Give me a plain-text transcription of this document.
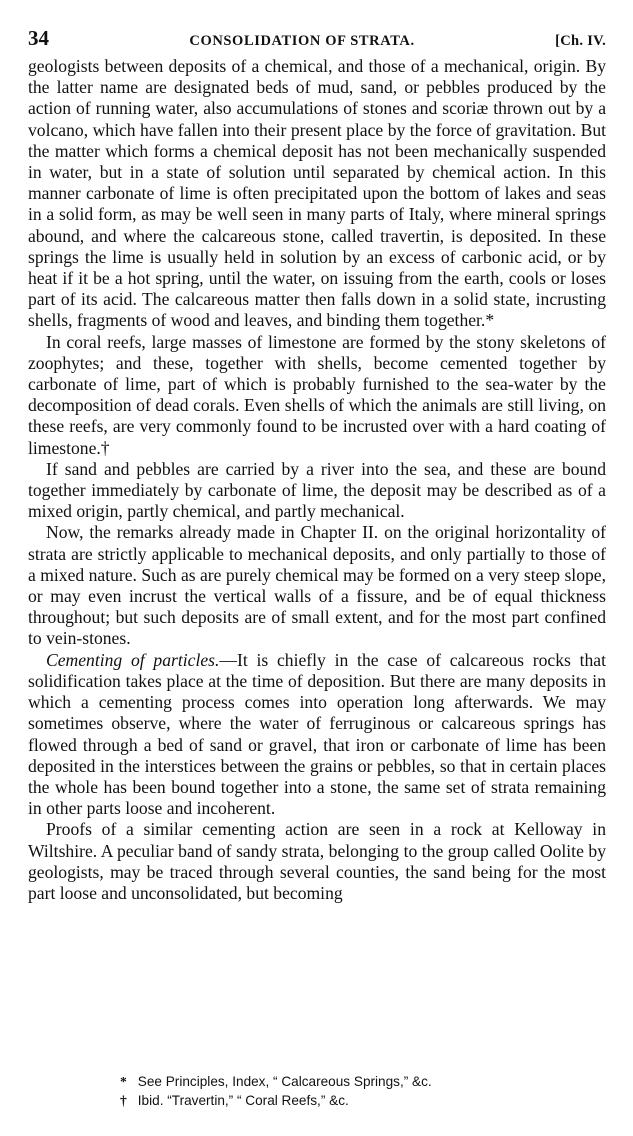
34	CONSOLIDATION OF STRATA.	[Ch. IV.

geologists between deposits of a chemical, and those of a mechanical, origin. By the latter name are designated beds of mud, sand, or pebbles produced by the action of running water, also accumulations of stones and scoriæ thrown out by a volcano, which have fallen into their present place by the force of gravitation. But the matter which forms a chemical deposit has not been mechanically suspended in water, but in a state of solution until separated by chemical action. In this manner carbonate of lime is often precipitated upon the bottom of lakes and seas in a solid form, as may be well seen in many parts of Italy, where mineral springs abound, and where the calcareous stone, called travertin, is deposited. In these springs the lime is usually held in solution by an excess of carbonic acid, or by heat if it be a hot spring, until the water, on issuing from the earth, cools or loses part of its acid. The calcareous matter then falls down in a solid state, incrusting shells, fragments of wood and leaves, and binding them together.*

In coral reefs, large masses of limestone are formed by the stony skeletons of zoophytes; and these, together with shells, become cemented together by carbonate of lime, part of which is probably furnished to the sea-water by the decomposition of dead corals. Even shells of which the animals are still living, on these reefs, are very commonly found to be incrusted over with a hard coating of limestone.†

If sand and pebbles are carried by a river into the sea, and these are bound together immediately by carbonate of lime, the deposit may be described as of a mixed origin, partly chemical, and partly mechanical.

Now, the remarks already made in Chapter II. on the original horizontality of strata are strictly applicable to mechanical deposits, and only partially to those of a mixed nature. Such as are purely chemical may be formed on a very steep slope, or may even incrust the vertical walls of a fissure, and be of equal thickness throughout; but such deposits are of small extent, and for the most part confined to vein-stones.

Cementing of particles.—It is chiefly in the case of calcareous rocks that solidification takes place at the time of deposition. But there are many deposits in which a cementing process comes into operation long afterwards. We may sometimes observe, where the water of ferruginous or calcareous springs has flowed through a bed of sand or gravel, that iron or carbonate of lime has been deposited in the interstices between the grains or pebbles, so that in certain places the whole has been bound together into a stone, the same set of strata remaining in other parts loose and incoherent.

Proofs of a similar cementing action are seen in a rock at Kelloway in Wiltshire. A peculiar band of sandy strata, belonging to the group called Oolite by geologists, may be traced through several counties, the sand being for the most part loose and unconsolidated, but becoming

* See Principles, Index, “ Calcareous Springs,” &c.
† Ibid. “Travertin,” “ Coral Reefs,” &c.
